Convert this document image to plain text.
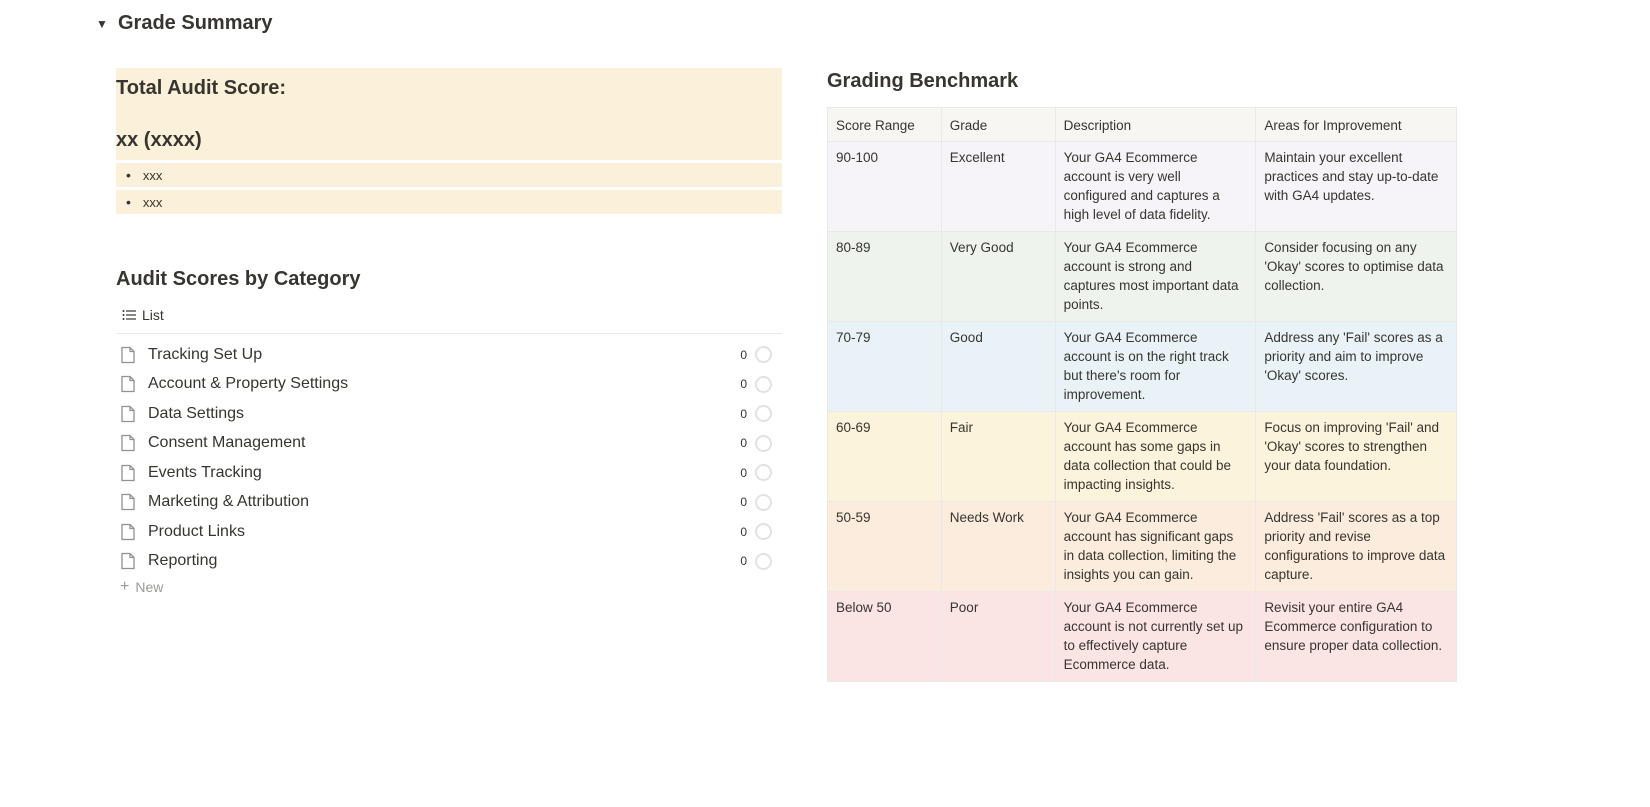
▼ Grade Summary
Total Audit Score:
xx (xxxx)
• xxx
• xxx
Audit Scores by Category
List
Tracking Set Up	0
Account & Property Settings	0
Data Settings	0
Consent Management	0
Events Tracking	0
Marketing & Attribution	0
Product Links	0
Reporting	0
+ New
Grading Benchmark
Score Range	Grade	Description	Areas for Improvement
90-100	Excellent	Your GA4 Ecommerce account is very well configured and captures a high level of data fidelity.	Maintain your excellent practices and stay up-to-date with GA4 updates.
80-89	Very Good	Your GA4 Ecommerce account is strong and captures most important data points.	Consider focusing on any 'Okay' scores to optimise data collection.
70-79	Good	Your GA4 Ecommerce account is on the right track but there's room for improvement.	Address any 'Fail' scores as a priority and aim to improve 'Okay' scores.
60-69	Fair	Your GA4 Ecommerce account has some gaps in data collection that could be impacting insights.	Focus on improving 'Fail' and 'Okay' scores to strengthen your data foundation.
50-59	Needs Work	Your GA4 Ecommerce account has significant gaps in data collection, limiting the insights you can gain.	Address 'Fail' scores as a top priority and revise configurations to improve data capture.
Below 50	Poor	Your GA4 Ecommerce account is not currently set up to effectively capture Ecommerce data.	Revisit your entire GA4 Ecommerce configuration to ensure proper data collection.
